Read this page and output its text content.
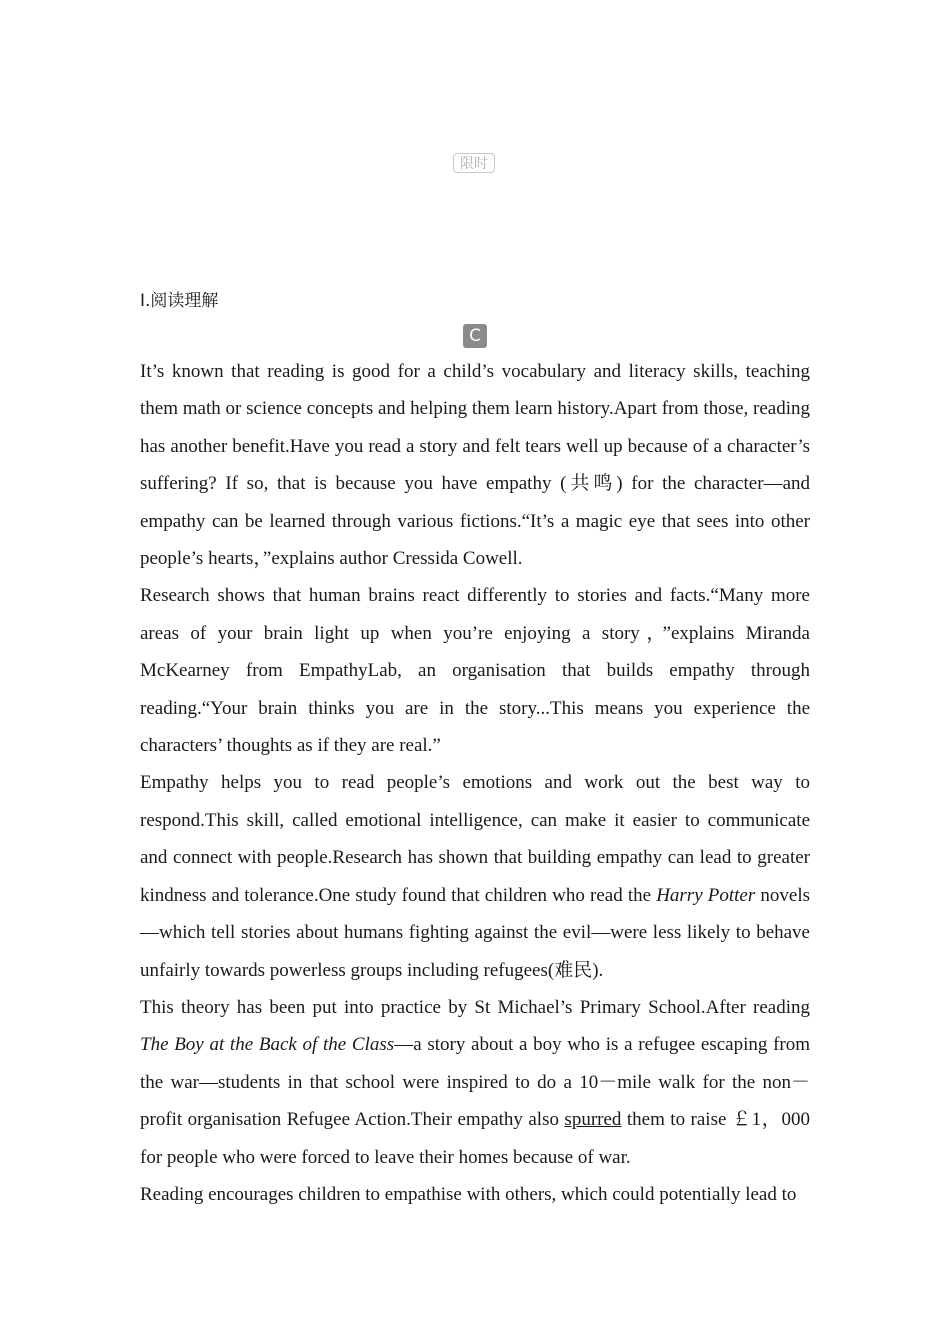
限时
Ⅰ.阅读理解
C

It’s known that reading is good for a child’s vocabulary and literacy skills, teaching them math or science concepts and helping them learn history.Apart from those, reading has another benefit.Have you read a story and felt tears well up because of a character’s suffering? If so, that is because you have empathy (共鸣) for the character—and empathy can be learned through various fictions.“It’s a magic eye that sees into other people’s hearts，”explains author Cressida Cowell.

Research shows that human brains react differently to stories and facts.“Many more areas of your brain light up when you’re enjoying a story，”explains Miranda McKearney from EmpathyLab, an organisation that builds empathy through reading.“Your brain thinks you are in the story...This means you experience the characters’ thoughts as if they are real.”

Empathy helps you to read people’s emotions and work out the best way to respond.This skill, called emotional intelligence, can make it easier to communicate and connect with people.Research has shown that building empathy can lead to greater kindness and tolerance.One study found that children who read the Harry Potter novels—which tell stories about humans fighting against the evil—were less likely to behave unfairly towards powerless groups including refugees(难民).

This theory has been put into practice by St Michael’s Primary School.After reading The Boy at the Back of the Class—a story about a boy who is a refugee escaping from the war—students in that school were inspired to do a 10－mile walk for the non－profit organisation Refugee Action.Their empathy also spurred them to raise ￡1，000 for people who were forced to leave their homes because of war.

Reading encourages children to empathise with others, which could potentially lead to
